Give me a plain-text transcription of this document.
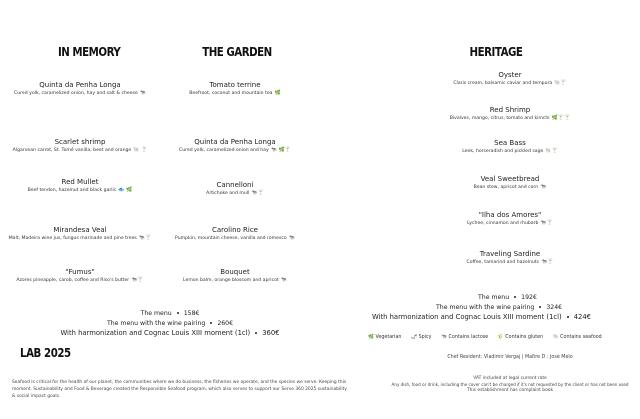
IN MEMORY	THE GARDEN	HERITAGE
Quinta da Penha Longa
Cured yolk, caramelized onion, hay and salt & cheese 🐄
Scarlet shrimp
Algarvean carrot, St. Tomé vanilla, beet and orange 🐚 🍸
Red Mullet
Beef tendon, hazelnut and black garlic 🐟 🌿
Mirandesa Veal
Malt, Madeira wine jus, fungus marinade and pine trees 🐄🍸
"Fumus"
Azores pineapple, carob, coffee and Riso's butter 🐄🍸
Tomato terrine
Beefroot, coconut and mountain tea 🌿
Quinta da Penha Longa
Cured yolk, caramelized onion and hay 🐄 🌿🍸
Cannelloni
Artichoke and mull 🐄🍸
Carolino Rice
Pumpkin, mountain cheese, vanilla and romesco 🐄
Bouquet
Lemon balm, orange blossom and apricot 🐄
The menu 158€
The menu with the wine pairing 260€
With harmonization and Cognac Louis XIII moment (1cl) 360€
LAB 2025
Seafood is critical for the health of our planet, the communities where we do business, the fisheries we operate, and the species we serve. Keeping this
moment. Sustainability and Food & Beverage created the Responsible Seafood program, which also serves to support our Serve 360 2025 sustainability
& social impact goals.
Oyster
Claris cream, balsamic caviar and tempura 🐚🍸
Red Shrimp
Bivalves, mango, citrus, tomato and kimchi 🌿🍸🍸
Sea Bass
Leek, horseradish and pickled sage 🐚🍸
Veal Sweetbread
Bean stew, apricot and corn 🐄
"Ilha dos Amores"
Lychee, cinnamon and rhubarb 🐄🍸
Traveling Sardine
Coffee, tamarind and hazelnuts 🐄🍸
The menu 192€
The menu with the wine pairing 324€
With harmonization and Cognac Louis XIII moment (1cl) 424€
🌿 Vegetarian 🌶 Spicy 🐄 Contains lactose 🌾 Contains gluten 🐚 Contains seafood
Chef Resident: Vladimir Vergaj | Maître D : José Melo
VAT included at legal current rate
Any dish, food or drink, including the cover can't be charged if it's not requested by the client or has not been used
This establishment has complaint book
